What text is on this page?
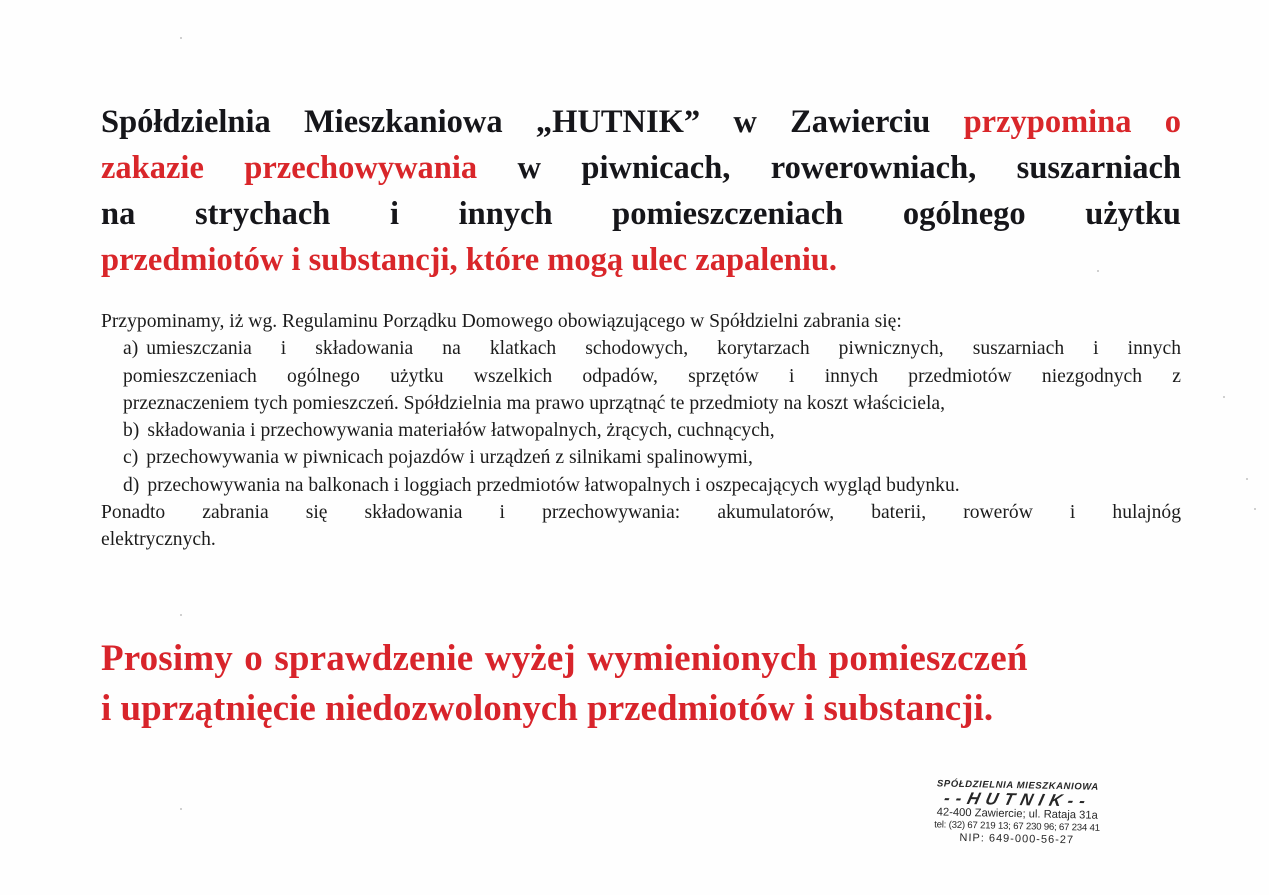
Spółdzielnia Mieszkaniowa „HUTNIK” w Zawierciu przypomina o
zakazie przechowywania w piwnicach, rowerowniach, suszarniach
na strychach i innych pomieszczeniach ogólnego użytku
przedmiotów i substancji, które mogą ulec zapaleniu.
Przypominamy, iż wg. Regulaminu Porządku Domowego obowiązującego w Spółdzielni zabrania się:
a) umieszczania i składowania na klatkach schodowych, korytarzach piwnicznych, suszarniach i innych
pomieszczeniach ogólnego użytku wszelkich odpadów, sprzętów i innych przedmiotów niezgodnych z
przeznaczeniem tych pomieszczeń. Spółdzielnia ma prawo uprzątnąć te przedmioty na koszt właściciela,
b) składowania i przechowywania materiałów łatwopalnych, żrących, cuchnących,
c) przechowywania w piwnicach pojazdów i urządzeń z silnikami spalinowymi,
d) przechowywania na balkonach i loggiach przedmiotów łatwopalnych i oszpecających wygląd budynku.
Ponadto zabrania się składowania i przechowywania: akumulatorów, baterii, rowerów i hulajnóg
elektrycznych.
Prosimy o sprawdzenie wyżej wymienionych pomieszczeń
i uprzątnięcie niedozwolonych przedmiotów i substancji.
SPÓŁDZIELNIA MIESZKANIOWA
--HUTNIK--
42-400 Zawiercie; ul. Rataja 31a
tel: (32) 67 219 13; 67 230 96; 67 234 41
NIP: 649-000-56-27
